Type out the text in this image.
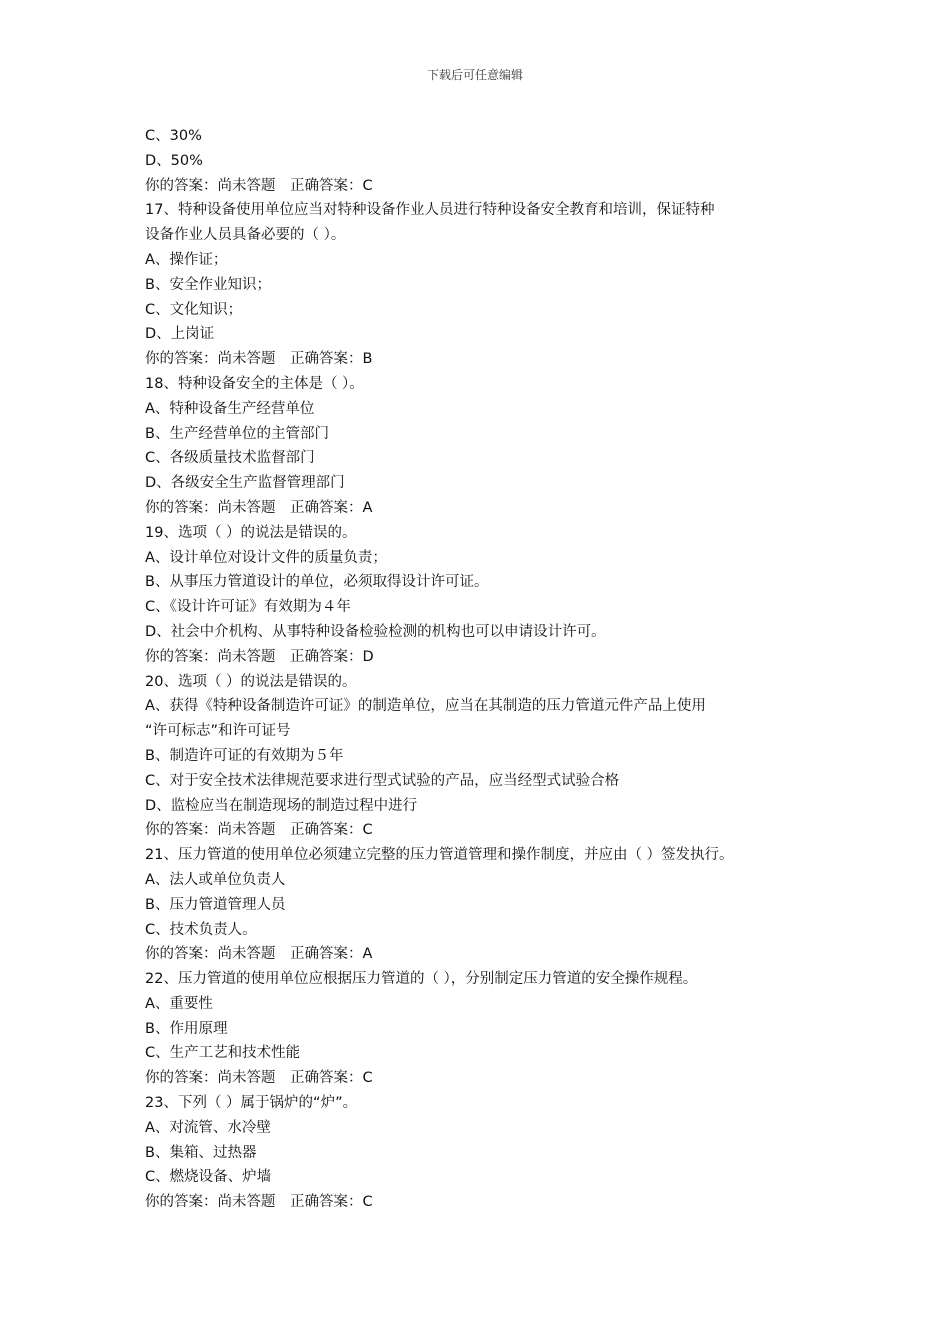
下载后可任意编辑
C、30%
D、50%
你的答案：尚未答题　正确答案：C
17、特种设备使用单位应当对特种设备作业人员进行特种设备安全教育和培训，保证特种
设备作业人员具备必要的（ ）。
A、操作证；
B、安全作业知识；
C、文化知识；
D、上岗证
你的答案：尚未答题　正确答案：B
18、特种设备安全的主体是（ ）。
A、特种设备生产经营单位
B、生产经营单位的主管部门
C、各级质量技术监督部门
D、各级安全生产监督管理部门
你的答案：尚未答题　正确答案：A
19、选项（ ）的说法是错误的。
A、设计单位对设计文件的质量负责；
B、从事压力管道设计的单位，必须取得设计许可证。
C、《设计许可证》有效期为４年
D、社会中介机构、从事特种设备检验检测的机构也可以申请设计许可。
你的答案：尚未答题　正确答案：D
20、选项（ ）的说法是错误的。
A、获得《特种设备制造许可证》的制造单位，应当在其制造的压力管道元件产品上使用
“许可标志”和许可证号
B、制造许可证的有效期为５年
C、对于安全技术法律规范要求进行型式试验的产品，应当经型式试验合格
D、监检应当在制造现场的制造过程中进行
你的答案：尚未答题　正确答案：C
21、压力管道的使用单位必须建立完整的压力管道管理和操作制度，并应由（ ）签发执行。
A、法人或单位负责人
B、压力管道管理人员
C、技术负责人。
你的答案：尚未答题　正确答案：A
22、压力管道的使用单位应根据压力管道的（ ），分别制定压力管道的安全操作规程。
A、重要性
B、作用原理
C、生产工艺和技术性能
你的答案：尚未答题　正确答案：C
23、下列（ ）属于锅炉的“炉”。
A、对流管、水冷壁
B、集箱、过热器
C、燃烧设备、炉墙
你的答案：尚未答题　正确答案：C
